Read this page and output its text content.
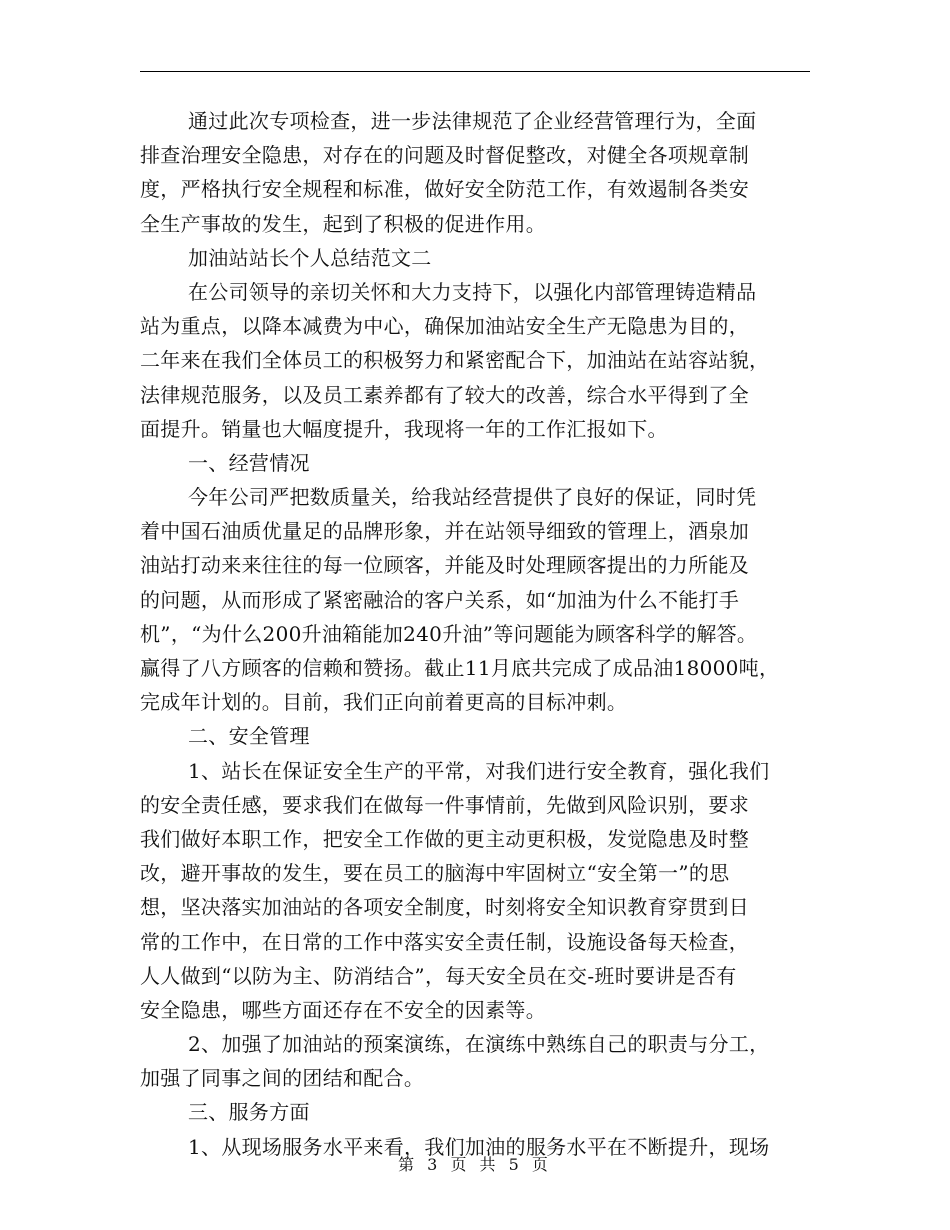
通过此次专项检查，进一步法律规范了企业经营管理行为，全面
排查治理安全隐患，对存在的问题及时督促整改，对健全各项规章制
度，严格执行安全规程和标准，做好安全防范工作，有效遏制各类安
全生产事故的发生，起到了积极的促进作用。
加油站站长个人总结范文二
在公司领导的亲切关怀和大力支持下，以强化内部管理铸造精品
站为重点，以降本减费为中心，确保加油站安全生产无隐患为目的，
二年来在我们全体员工的积极努力和紧密配合下，加油站在站容站貌，
法律规范服务，以及员工素养都有了较大的改善，综合水平得到了全
面提升。销量也大幅度提升，我现将一年的工作汇报如下。
一、经营情况
今年公司严把数质量关，给我站经营提供了良好的保证，同时凭
着中国石油质优量足的品牌形象，并在站领导细致的管理上，酒泉加
油站打动来来往往的每一位顾客，并能及时处理顾客提出的力所能及
的问题，从而形成了紧密融洽的客户关系，如“加油为什么不能打手
机”，“为什么200升油箱能加240升油”等问题能为顾客科学的解答。
赢得了八方顾客的信赖和赞扬。截止11月底共完成了成品油18000吨，
完成年计划的。目前，我们正向前着更高的目标冲刺。
二、安全管理
1、站长在保证安全生产的平常，对我们进行安全教育，强化我们
的安全责任感，要求我们在做每一件事情前，先做到风险识别，要求
我们做好本职工作，把安全工作做的更主动更积极，发觉隐患及时整
改，避开事故的发生，要在员工的脑海中牢固树立“安全第一”的思
想，坚决落实加油站的各项安全制度，时刻将安全知识教育穿贯到日
常的工作中，在日常的工作中落实安全责任制，设施设备每天检查，
人人做到“以防为主、防消结合”，每天安全员在交-班时要讲是否有
安全隐患，哪些方面还存在不安全的因素等。
2、加强了加油站的预案演练，在演练中熟练自己的职责与分工，
加强了同事之间的团结和配合。
三、服务方面
1、从现场服务水平来看，我们加油的服务水平在不断提升，现场
第 3 页 共 5 页
